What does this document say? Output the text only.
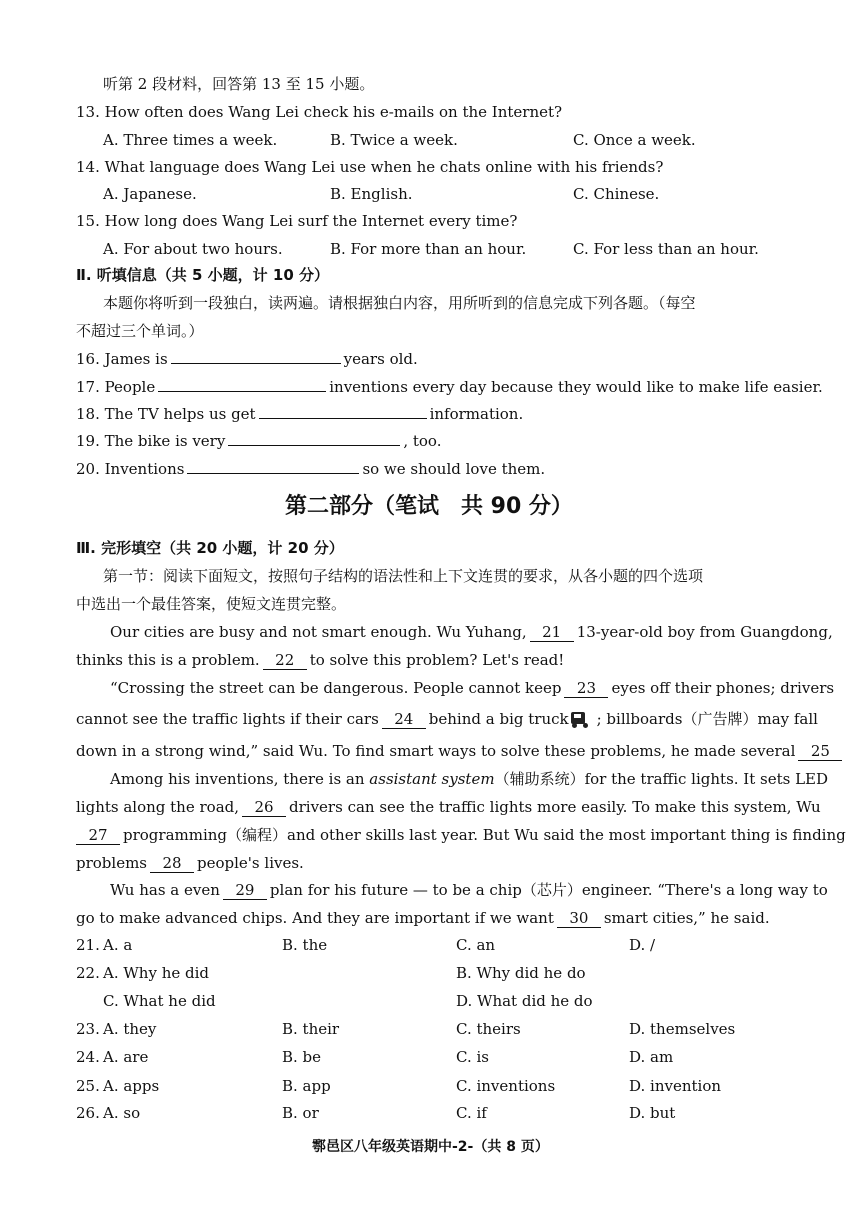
听第 2 段材料，回答第 13 至 15 小题。
13. How often does Wang Lei check his e-mails on the Internet?
A. Three times a week.	B. Twice a week.	C. Once a week.
14. What language does Wang Lei use when he chats online with his friends?
A. Japanese.	B. English.	C. Chinese.
15. How long does Wang Lei surf the Internet every time?
A. For about two hours.	B. For more than an hour.	C. For less than an hour.
Ⅱ. 听填信息（共 5 小题，计 10 分）
本题你将听到一段独白，读两遍。请根据独白内容，用所听到的信息完成下列各题。（每空
不超过三个单词。）
16. James is	years old.
17. People	inventions every day because they would like to make life easier.
18. The TV helps us get	information.
19. The bike is very	, too.
20. Inventions	so we should love them.
第二部分（笔试　共 90 分）
Ⅲ. 完形填空（共 20 小题，计 20 分）
第一节：阅读下面短文，按照句子结构的语法性和上下文连贯的要求，从各小题的四个选项
中选出一个最佳答案，使短文连贯完整。
Our cities are busy and not smart enough. Wu Yuhang, 21 13-year-old boy from Guangdong,
thinks this is a problem. 22 to solve this problem? Let's read!
“Crossing the street can be dangerous. People cannot keep 23 eyes off their phones; drivers
cannot see the traffic lights if their cars 24 behind a big truck ; billboards（广告牌）may fall
down in a strong wind,” said Wu. To find smart ways to solve these problems, he made several 25
Among his inventions, there is an assistant system（辅助系统）for the traffic lights. It sets LED
lights along the road, 26 drivers can see the traffic lights more easily. To make this system, Wu
27 programming（编程）and other skills last year. But Wu said the most important thing is finding
problems 28 people's lives.
Wu has a even 29 plan for his future — to be a chip（芯片）engineer. “There's a long way to
go to make advanced chips. And they are important if we want 30 smart cities,” he said.
21. A. a	B. the	C. an	D. /
22. A. Why he did	B. Why did he do
C. What he did	D. What did he do
23. A. they	B. their	C. theirs	D. themselves
24. A. are	B. be	C. is	D. am
25. A. apps	B. app	C. inventions	D. invention
26. A. so	B. or	C. if	D. but
鄠邑区八年级英语期中-2-（共 8 页）
